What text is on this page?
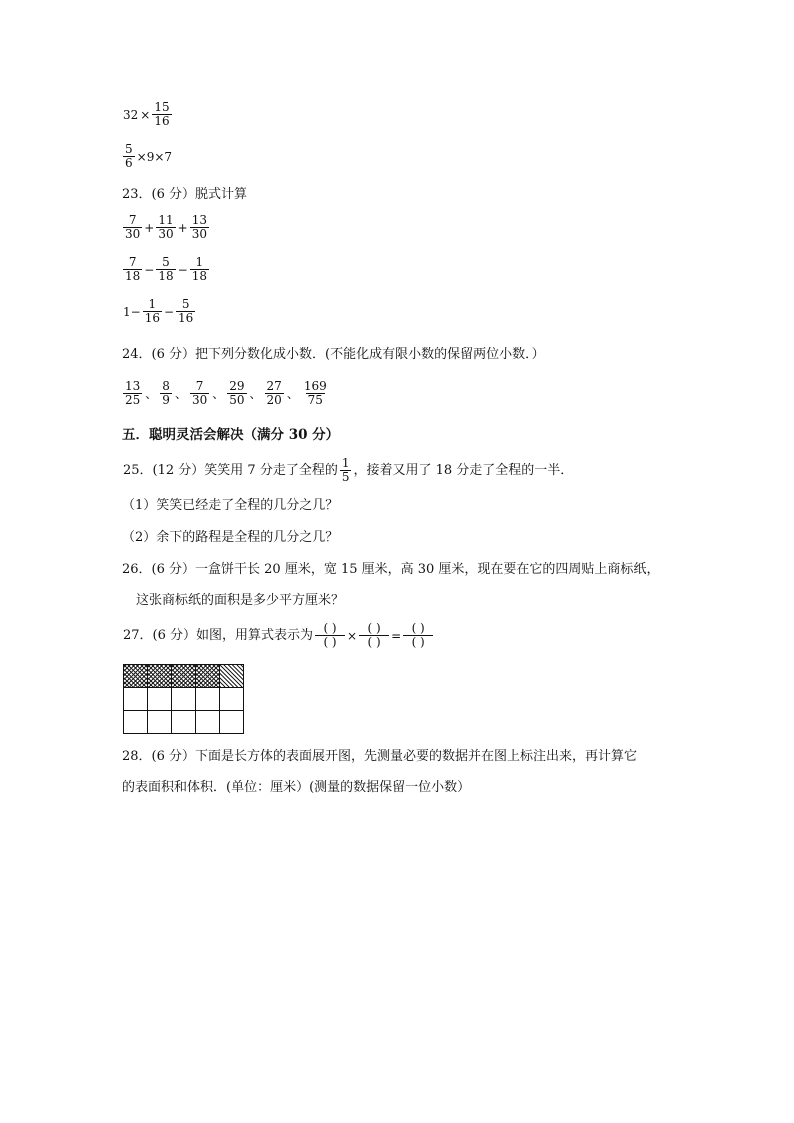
$32 \times \frac{15}{16}$
$\frac{5}{6} \times 9\times 7$
23．(6 分）脱式计算
$\frac{7}{30} + \frac{11}{30} + \frac{13}{30}$
$\frac{7}{18} - \frac{5}{18} - \frac{1}{18}$
$1- \frac{1}{16} - \frac{5}{16}$
24．(6 分）把下列分数化成小数．(不能化成有限小数的保留两位小数．）
$\frac{13}{25}$ 、 $\frac{8}{9}$ 、 $\frac{7}{30}$ 、 $\frac{29}{50}$ 、 $\frac{27}{20}$ 、 $\frac{169}{75}$
五．聪明灵活会解决（满分 30 分）
25．(12 分）笑笑用 7 分走了全程的 $\frac{1}{5}$ ，接着又用了 18 分走了全程的一半．
（1）笑笑已经走了全程的几分之几？
（2）余下的路程是全程的几分之几？
26．(6 分）一盒饼干长 20 厘米，宽 15 厘米，高 30 厘米，现在要在它的四周贴上商标纸，
这张商标纸的面积是多少平方厘米？
27．(6 分）如图，用算式表示为 $\frac{( )}{( )} \times \frac{( )}{( )} = \frac{( )}{( )}$
28．(6 分）下面是长方体的表面展开图，先测量必要的数据并在图上标注出来，再计算它
的表面积和体积．(单位：厘米）(测量的数据保留一位小数）
